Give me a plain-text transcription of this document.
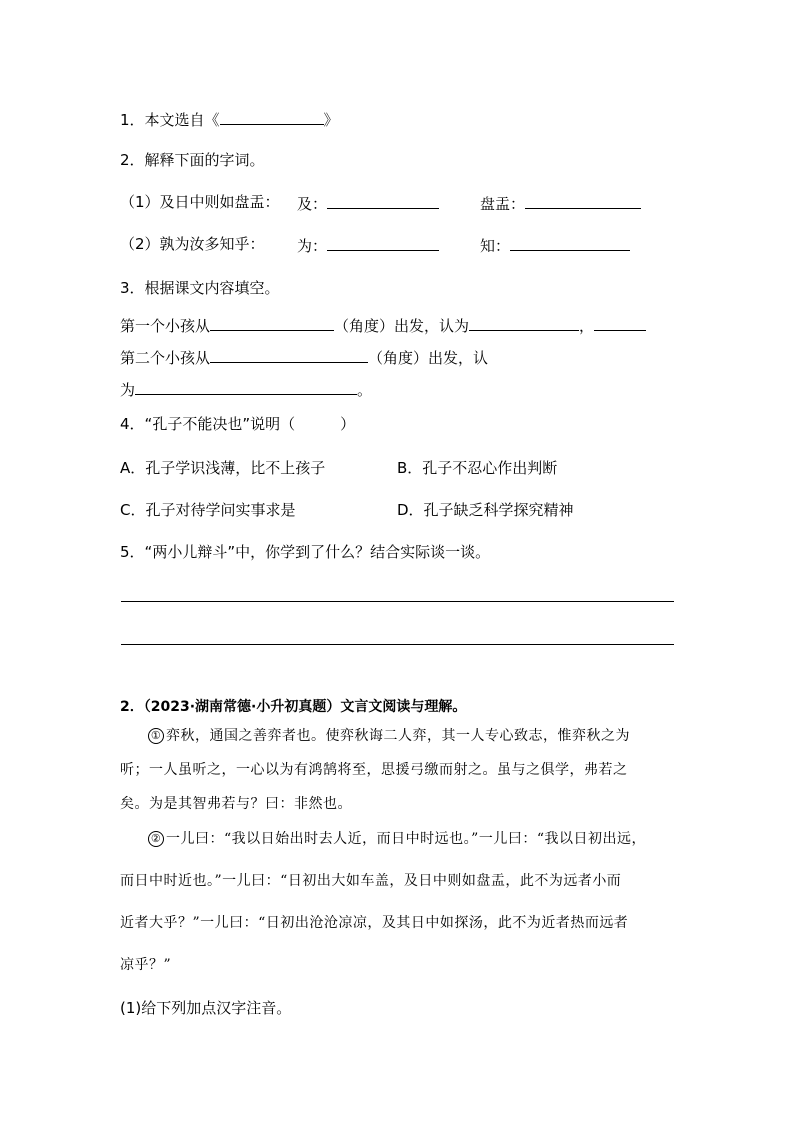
1．本文选自《	》
2．解释下面的字词。
（1）及日中则如盘盂： 及：	盘盂：
（2）孰为汝多知乎： 为：	知：
3．根据课文内容填空。
第一个小孩从	（角度）出发，认为	，
第二个小孩从	（角度）出发，认
为	。
4．“孔子不能决也”说明（　　　）
A．孔子学识浅薄，比不上孩子	B．孔子不忍心作出判断
C．孔子对待学问实事求是	D．孔子缺乏科学探究精神
5．“两小儿辩斗”中，你学到了什么？结合实际谈一谈。
2．（2023·湖南常德·小升初真题）文言文阅读与理解。
① 弈秋，通国之善弈者也。使弈秋诲二人弈，其一人专心致志，惟弈秋之为
听；一人虽听之，一心以为有鸿鹄将至，思援弓缴而射之。虽与之俱学，弗若之
矣。为是其智弗若与？曰：非然也。
② 一儿曰：“我以日始出时去人近，而日中时远也。”一儿曰：“我以日初出远，
而日中时近也。”一儿曰：“日初出大如车盖，及日中则如盘盂，此不为远者小而
近者大乎？”一儿曰：“日初出沧沧凉凉，及其日中如探汤，此不为近者热而远者
凉乎？”
(1)给下列加点汉字注音。
